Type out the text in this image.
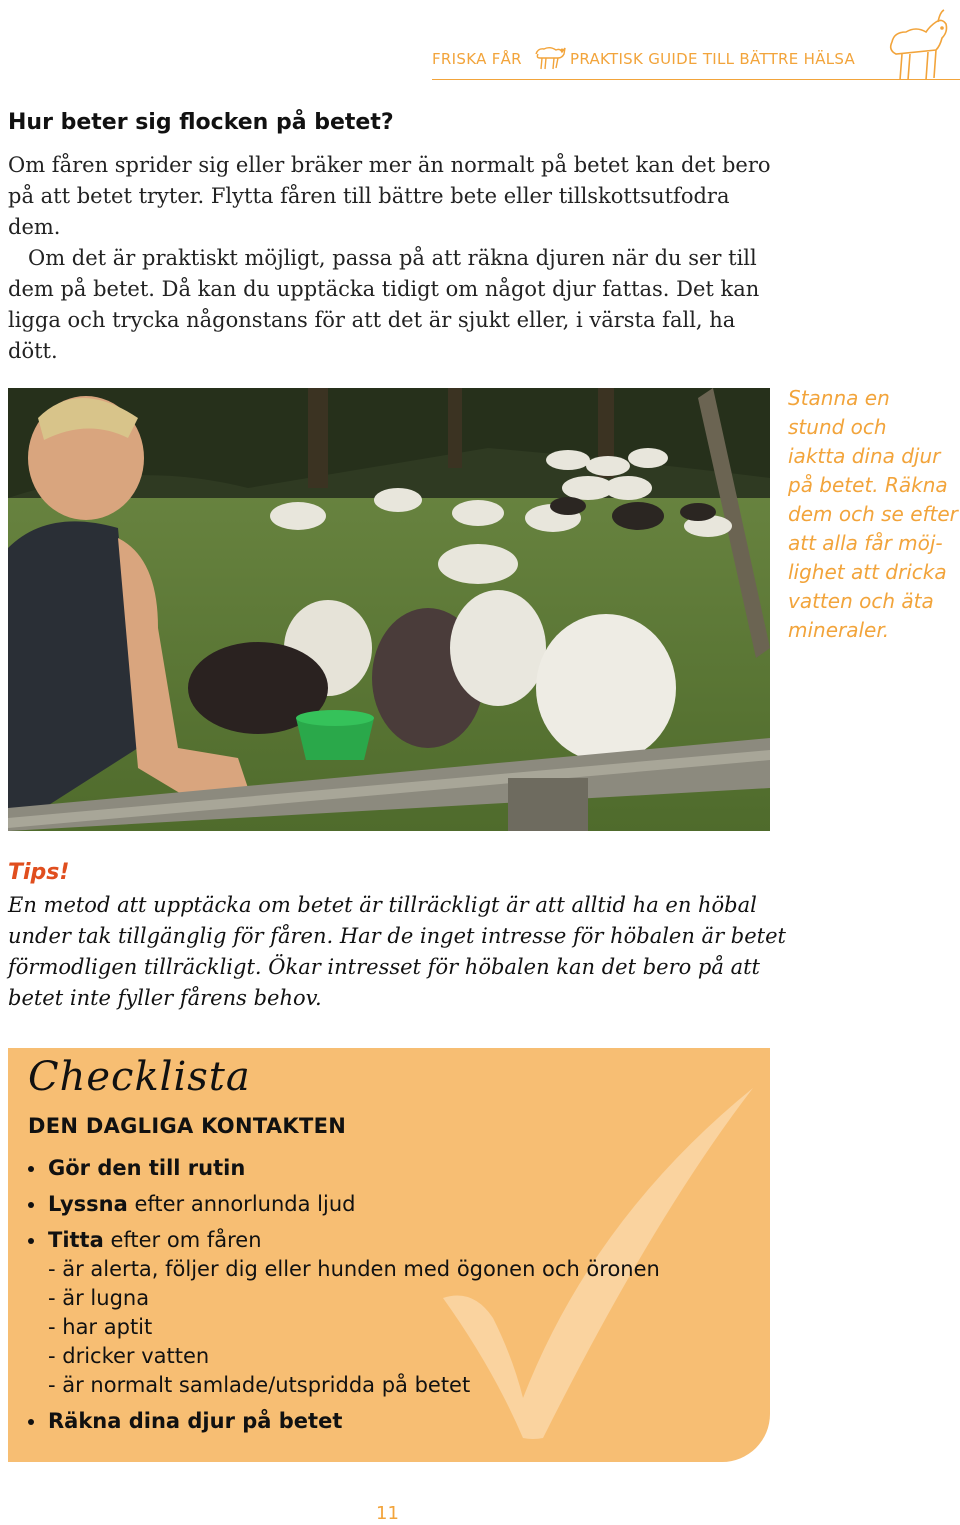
FRISKA FÅR	PRAKTISK GUIDE TILL BÄTTRE HÄLSA
Hur beter sig flocken på betet?

Om fåren sprider sig eller bräker mer än normalt på betet kan det bero på att betet tryter. Flytta fåren till bättre bete eller tillskottsutfodra dem.

Om det är praktiskt möjligt, passa på att räkna djuren när du ser till dem på betet. Då kan du upptäcka tidigt om något djur fattas. Det kan ligga och trycka någonstans för att det är sjukt eller, i värsta fall, ha dött.

Stanna en
stund och
iaktta dina djur
på betet. Räkna
dem och se efter
att alla får möj-
lighet att dricka
vatten och äta
mineraler.
Tips!
En metod att upptäcka om betet är tillräckligt är att alltid ha en höbal under tak tillgänglig för fåren. Har de inget intresse för höbalen är betet förmodligen tillräckligt. Ökar intresset för höbalen kan det bero på att betet inte fyller fårens behov.
Checklista
DEN DAGLIGA KONTAKTEN
Gör den till rutin
Lyssna efter annorlunda ljud
Titta efter om fåren
- är alerta, följer dig eller hunden med ögonen och öronen
- är lugna
- har aptit
- dricker vatten
- är normalt samlade/utspridda på betet
Räkna dina djur på betet
11
